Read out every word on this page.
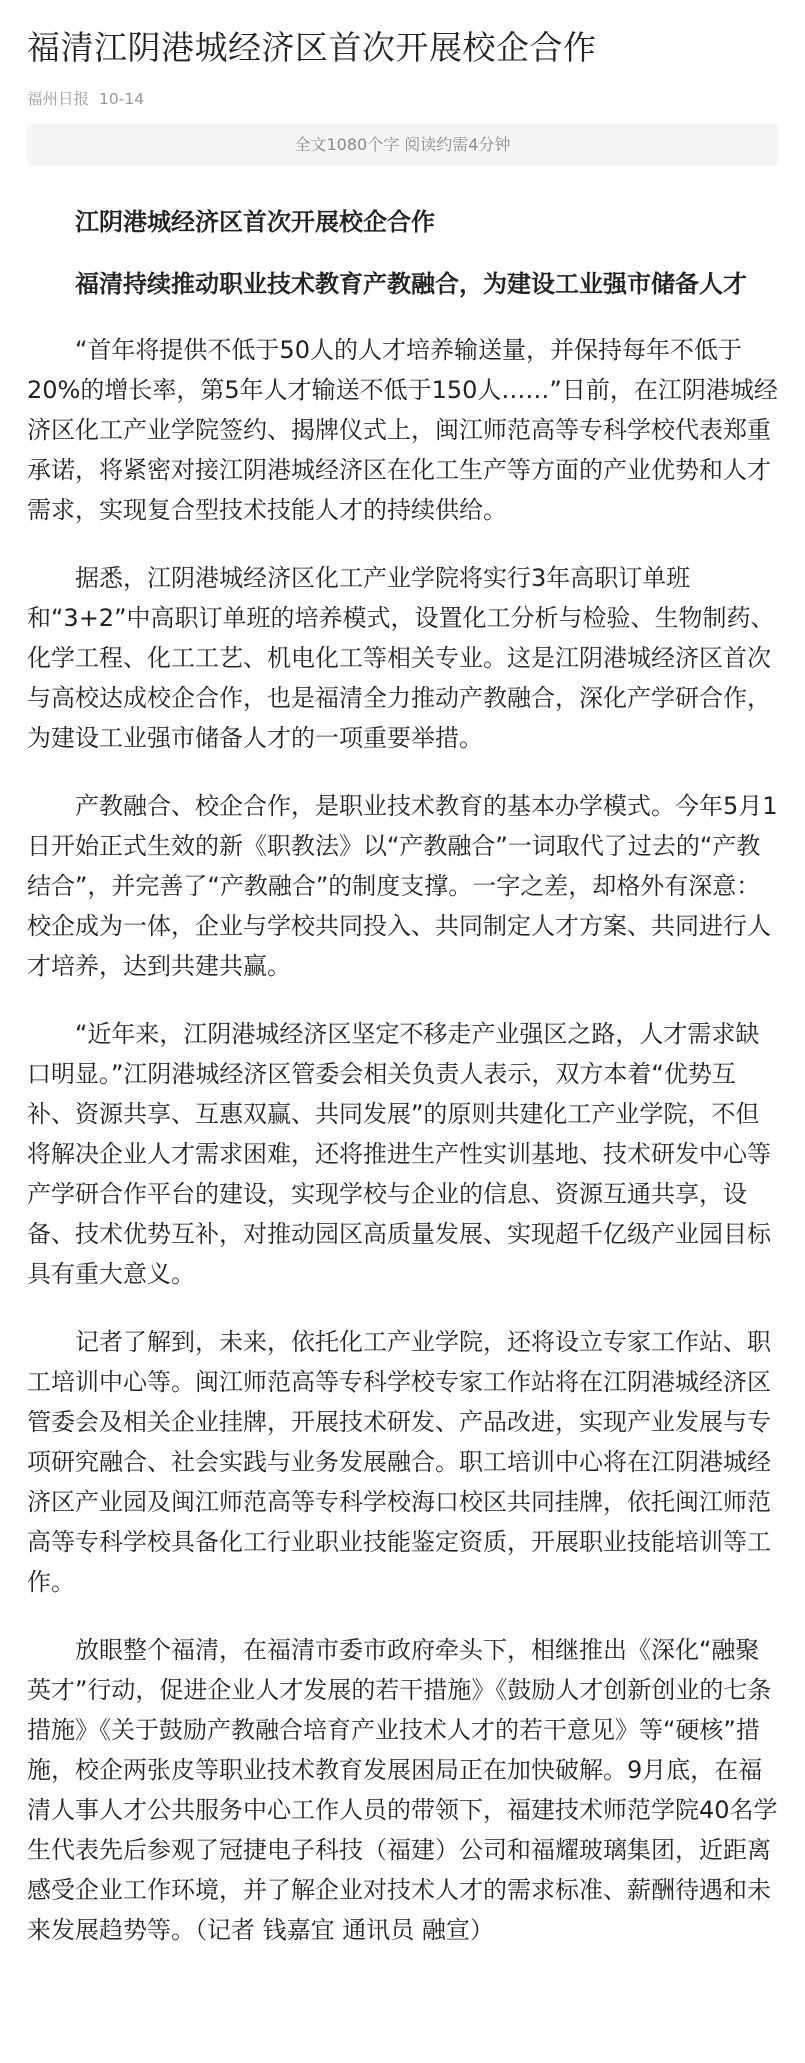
福清江阴港城经济区首次开展校企合作
福州日报 10-14
全文1080个字 阅读约需4分钟

江阴港城经济区首次开展校企合作

福清持续推动职业技术教育产教融合，为建设工业强市储备人才

“首年将提供不低于50人的人才培养输送量，并保持每年不低于20%的增长率，第5年人才输送不低于150人……”日前，在江阴港城经济区化工产业学院签约、揭牌仪式上，闽江师范高等专科学校代表郑重承诺，将紧密对接江阴港城经济区在化工生产等方面的产业优势和人才需求，实现复合型技术技能人才的持续供给。

据悉，江阴港城经济区化工产业学院将实行3年高职订单班和“3+2”中高职订单班的培养模式，设置化工分析与检验、生物制药、化学工程、化工工艺、机电化工等相关专业。这是江阴港城经济区首次与高校达成校企合作，也是福清全力推动产教融合，深化产学研合作，为建设工业强市储备人才的一项重要举措。

产教融合、校企合作，是职业技术教育的基本办学模式。今年5月1日开始正式生效的新《职教法》以“产教融合”一词取代了过去的“产教结合”，并完善了“产教融合”的制度支撑。一字之差，却格外有深意：校企成为一体，企业与学校共同投入、共同制定人才方案、共同进行人才培养，达到共建共赢。

“近年来，江阴港城经济区坚定不移走产业强区之路，人才需求缺口明显。”江阴港城经济区管委会相关负责人表示，双方本着“优势互补、资源共享、互惠双赢、共同发展”的原则共建化工产业学院，不但将解决企业人才需求困难，还将推进生产性实训基地、技术研发中心等产学研合作平台的建设，实现学校与企业的信息、资源互通共享，设备、技术优势互补，对推动园区高质量发展、实现超千亿级产业园目标具有重大意义。

记者了解到，未来，依托化工产业学院，还将设立专家工作站、职工培训中心等。闽江师范高等专科学校专家工作站将在江阴港城经济区管委会及相关企业挂牌，开展技术研发、产品改进，实现产业发展与专项研究融合、社会实践与业务发展融合。职工培训中心将在江阴港城经济区产业园及闽江师范高等专科学校海口校区共同挂牌，依托闽江师范高等专科学校具备化工行业职业技能鉴定资质，开展职业技能培训等工作。

放眼整个福清，在福清市委市政府牵头下，相继推出《深化“融聚英才”行动，促进企业人才发展的若干措施》《鼓励人才创新创业的七条措施》《关于鼓励产教融合培育产业技术人才的若干意见》等“硬核”措施，校企两张皮等职业技术教育发展困局正在加快破解。9月底，在福清人事人才公共服务中心工作人员的带领下，福建技术师范学院40名学生代表先后参观了冠捷电子科技（福建）公司和福耀玻璃集团，近距离感受企业工作环境，并了解企业对技术人才的需求标准、薪酬待遇和未来发展趋势等。（记者 钱嘉宜 通讯员 融宣）
